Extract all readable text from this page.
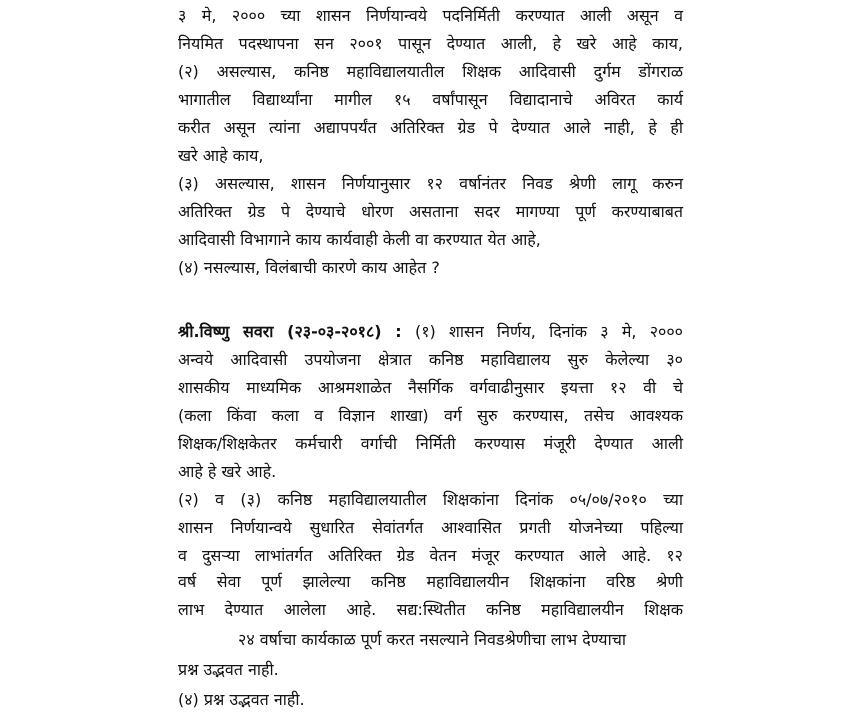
३ मे, २००० च्या शासन निर्णयान्वये पदनिर्मिती करण्यात आली असून व
नियमित पदस्थापना सन २००१ पासून देण्यात आली, हे खरे आहे काय,
(२) असल्यास, कनिष्ठ महाविद्यालयातील शिक्षक आदिवासी दुर्गम डोंगराळ
भागातील विद्यार्थ्यांना मागील १५ वर्षांपासून विद्यादानाचे अविरत कार्य
करीत असून त्यांना अद्यापपर्यंत अतिरिक्त ग्रेड पे देण्यात आले नाही, हे ही
खरे आहे काय,
(३) असल्यास, शासन निर्णयानुसार १२ वर्षानंतर निवड श्रेणी लागू करुन
अतिरिक्त ग्रेड पे देण्याचे धोरण असताना सदर मागण्या पूर्ण करण्याबाबत
आदिवासी विभागाने काय कार्यवाही केली वा करण्यात येत आहे,
(४) नसल्यास, विलंबाची कारणे काय आहेत ?
श्री.विष्णु सवरा (२३-०३-२०१८) : (१) शासन निर्णय, दिनांक ३ मे, २०००
अन्वये आदिवासी उपयोजना क्षेत्रात कनिष्ठ महाविद्यालय सुरु केलेल्या ३०
शासकीय माध्यमिक आश्रमशाळेत नैसर्गिक वर्गवाढीनुसार इयत्ता १२ वी चे
(कला किंवा कला व विज्ञान शाखा) वर्ग सुरु करण्यास, तसेच आवश्यक
शिक्षक/शिक्षकेतर कर्मचारी वर्गाची निर्मिती करण्यास मंजूरी देण्यात आली
आहे हे खरे आहे.
(२) व (३) कनिष्ठ महाविद्यालयातील शिक्षकांना दिनांक ०५/०७/२०१० च्या
शासन निर्णयान्वये सुधारित सेवांतर्गत आश्वासित प्रगती योजनेच्या पहिल्या
व दुसऱ्या लाभांतर्गत अतिरिक्त ग्रेड वेतन मंजूर करण्यात आले आहे. १२
वर्ष सेवा पूर्ण झालेल्या कनिष्ठ महाविद्यालयीन शिक्षकांना वरिष्ठ श्रेणी
लाभ देण्यात आलेला आहे. सद्य:स्थितीत कनिष्ठ महाविद्यालयीन शिक्षक
२४ वर्षाचा कार्यकाळ पूर्ण करत नसल्याने निवडश्रेणीचा लाभ देण्याचा
प्रश्न उद्भवत नाही.
(४) प्रश्न उद्भवत नाही.
